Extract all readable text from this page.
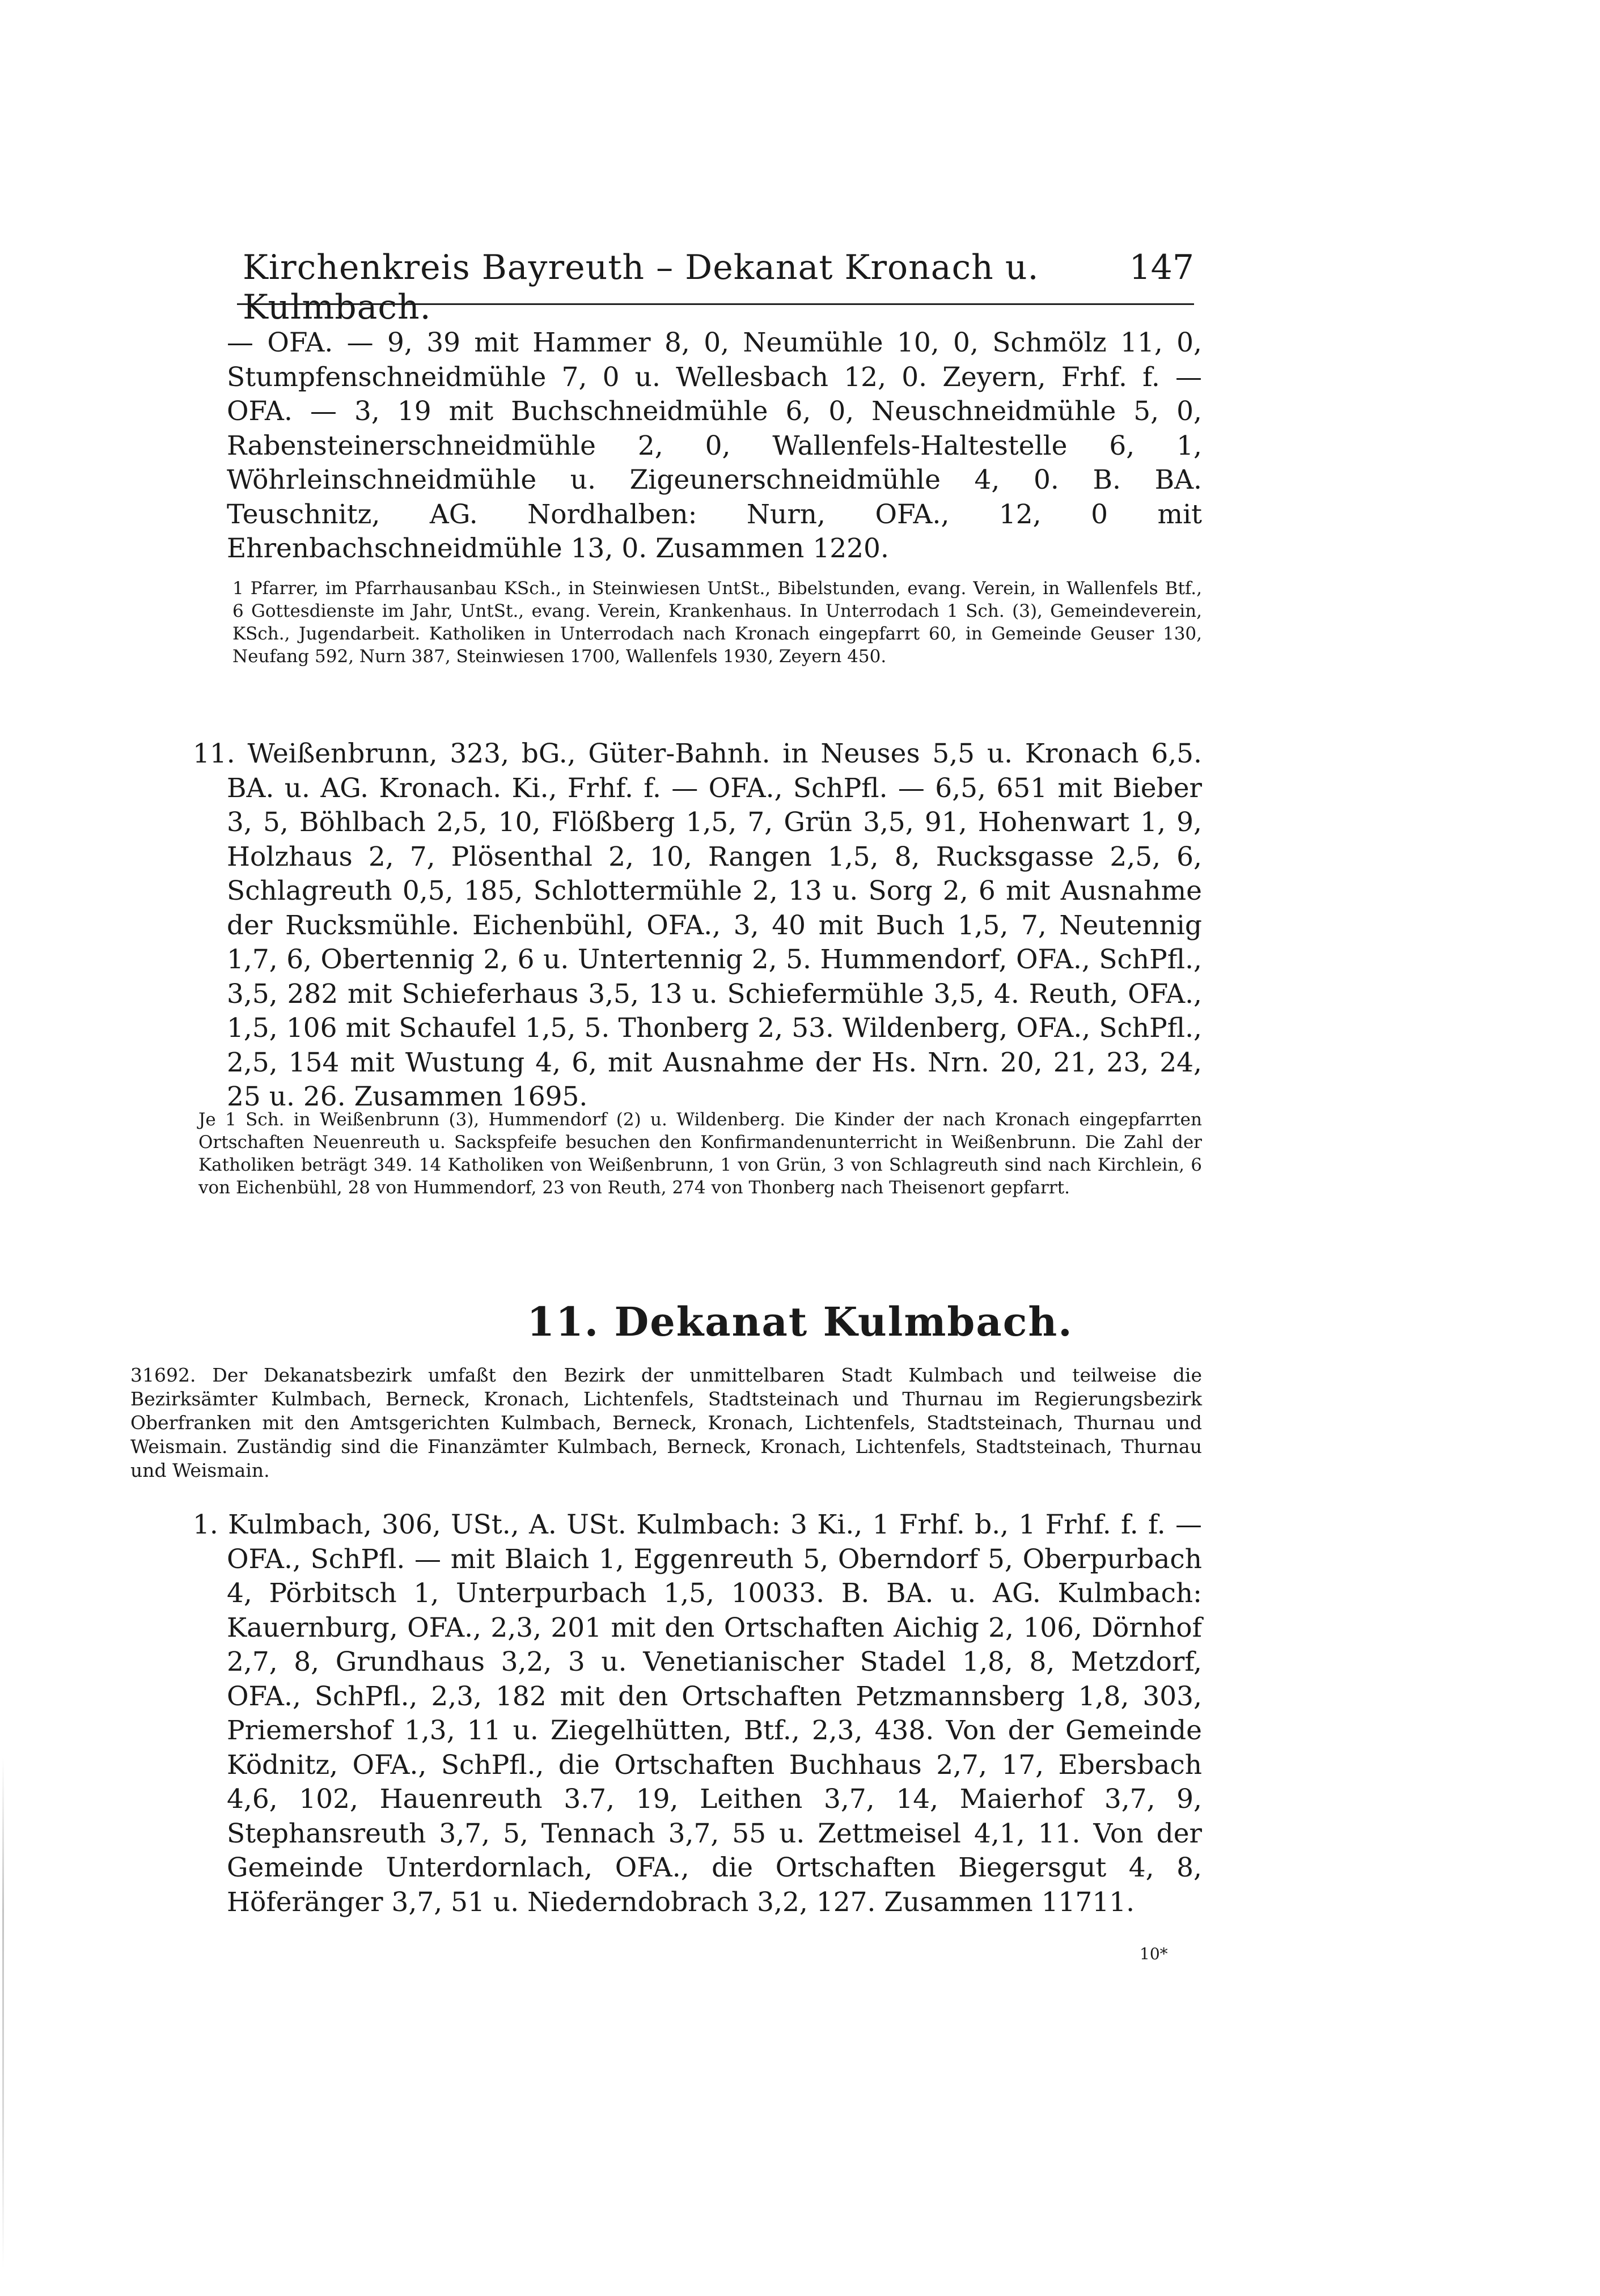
Kirchenkreis Bayreuth – Dekanat Kronach u. Kulmbach.
147

— OFA. — 9, 39 mit Hammer 8, 0, Neumühle 10, 0, Schmölz 11, 0, Stumpfenschneidmühle 7, 0 u. Wellesbach 12, 0. Zeyern, Frhf. f. — OFA. — 3, 19 mit Buchschneidmühle 6, 0, Neuschneidmühle 5, 0, Rabensteinerschneidmühle 2, 0, Wallenfels-Haltestelle 6, 1, Wöhrleinschneidmühle u. Zigeunerschneidmühle 4, 0. B. BA. Teuschnitz, AG. Nordhalben: Nurn, OFA., 12, 0 mit Ehrenbachschneidmühle 13, 0. Zusammen 1220.

1 Pfarrer, im Pfarrhausanbau KSch., in Steinwiesen UntSt., Bibelstunden, evang. Verein, in Wallenfels Btf., 6 Gottesdienste im Jahr, UntSt., evang. Verein, Krankenhaus. In Unterrodach 1 Sch. (3), Gemeindeverein, KSch., Jugendarbeit. Katholiken in Unterrodach nach Kronach eingepfarrt 60, in Gemeinde Geuser 130, Neufang 592, Nurn 387, Steinwiesen 1700, Wallenfels 1930, Zeyern 450.

11. Weißenbrunn, 323, bG., Güter-Bahnh. in Neuses 5,5 u. Kronach 6,5. BA. u. AG. Kronach. Ki., Frhf. f. — OFA., SchPfl. — 6,5, 651 mit Bieber 3, 5, Böhlbach 2,5, 10, Flößberg 1,5, 7, Grün 3,5, 91, Hohenwart 1, 9, Holzhaus 2, 7, Plösenthal 2, 10, Rangen 1,5, 8, Rucksgasse 2,5, 6, Schlagreuth 0,5, 185, Schlottermühle 2, 13 u. Sorg 2, 6 mit Ausnahme der Rucksmühle. Eichenbühl, OFA., 3, 40 mit Buch 1,5, 7, Neutennig 1,7, 6, Obertennig 2, 6 u. Untertennig 2, 5. Hummendorf, OFA., SchPfl., 3,5, 282 mit Schieferhaus 3,5, 13 u. Schiefermühle 3,5, 4. Reuth, OFA., 1,5, 106 mit Schaufel 1,5, 5. Thonberg 2, 53. Wildenberg, OFA., SchPfl., 2,5, 154 mit Wustung 4, 6, mit Ausnahme der Hs. Nrn. 20, 21, 23, 24, 25 u. 26. Zusammen 1695.

Je 1 Sch. in Weißenbrunn (3), Hummendorf (2) u. Wildenberg. Die Kinder der nach Kronach eingepfarrten Ortschaften Neuenreuth u. Sackspfeife besuchen den Konfirmandenunterricht in Weißenbrunn. Die Zahl der Katholiken beträgt 349. 14 Katholiken von Weißenbrunn, 1 von Grün, 3 von Schlagreuth sind nach Kirchlein, 6 von Eichenbühl, 28 von Hummendorf, 23 von Reuth, 274 von Thonberg nach Theisenort gepfarrt.

11. Dekanat Kulmbach.

31692. Der Dekanatsbezirk umfaßt den Bezirk der unmittelbaren Stadt Kulmbach und teilweise die Bezirksämter Kulmbach, Berneck, Kronach, Lichtenfels, Stadtsteinach und Thurnau im Regierungsbezirk Oberfranken mit den Amtsgerichten Kulmbach, Berneck, Kronach, Lichtenfels, Stadtsteinach, Thurnau und Weismain. Zuständig sind die Finanzämter Kulmbach, Berneck, Kronach, Lichtenfels, Stadtsteinach, Thurnau und Weismain.

1. Kulmbach, 306, USt., A. USt. Kulmbach: 3 Ki., 1 Frhf. b., 1 Frhf. f. f. — OFA., SchPfl. — mit Blaich 1, Eggenreuth 5, Oberndorf 5, Oberpurbach 4, Pörbitsch 1, Unterpurbach 1,5, 10033. B. BA. u. AG. Kulmbach: Kauernburg, OFA., 2,3, 201 mit den Ortschaften Aichig 2, 106, Dörnhof 2,7, 8, Grundhaus 3,2, 3 u. Venetianischer Stadel 1,8, 8, Metzdorf, OFA., SchPfl., 2,3, 182 mit den Ortschaften Petzmannsberg 1,8, 303, Priemershof 1,3, 11 u. Ziegelhütten, Btf., 2,3, 438. Von der Gemeinde Ködnitz, OFA., SchPfl., die Ortschaften Buchhaus 2,7, 17, Ebersbach 4,6, 102, Hauenreuth 3.7, 19, Leithen 3,7, 14, Maierhof 3,7, 9, Stephansreuth 3,7, 5, Tennach 3,7, 55 u. Zettmeisel 4,1, 11. Von der Gemeinde Unterdornlach, OFA., die Ortschaften Biegersgut 4, 8, Höferänger 3,7, 51 u. Niederndobrach 3,2, 127. Zusammen 11711.

10*
